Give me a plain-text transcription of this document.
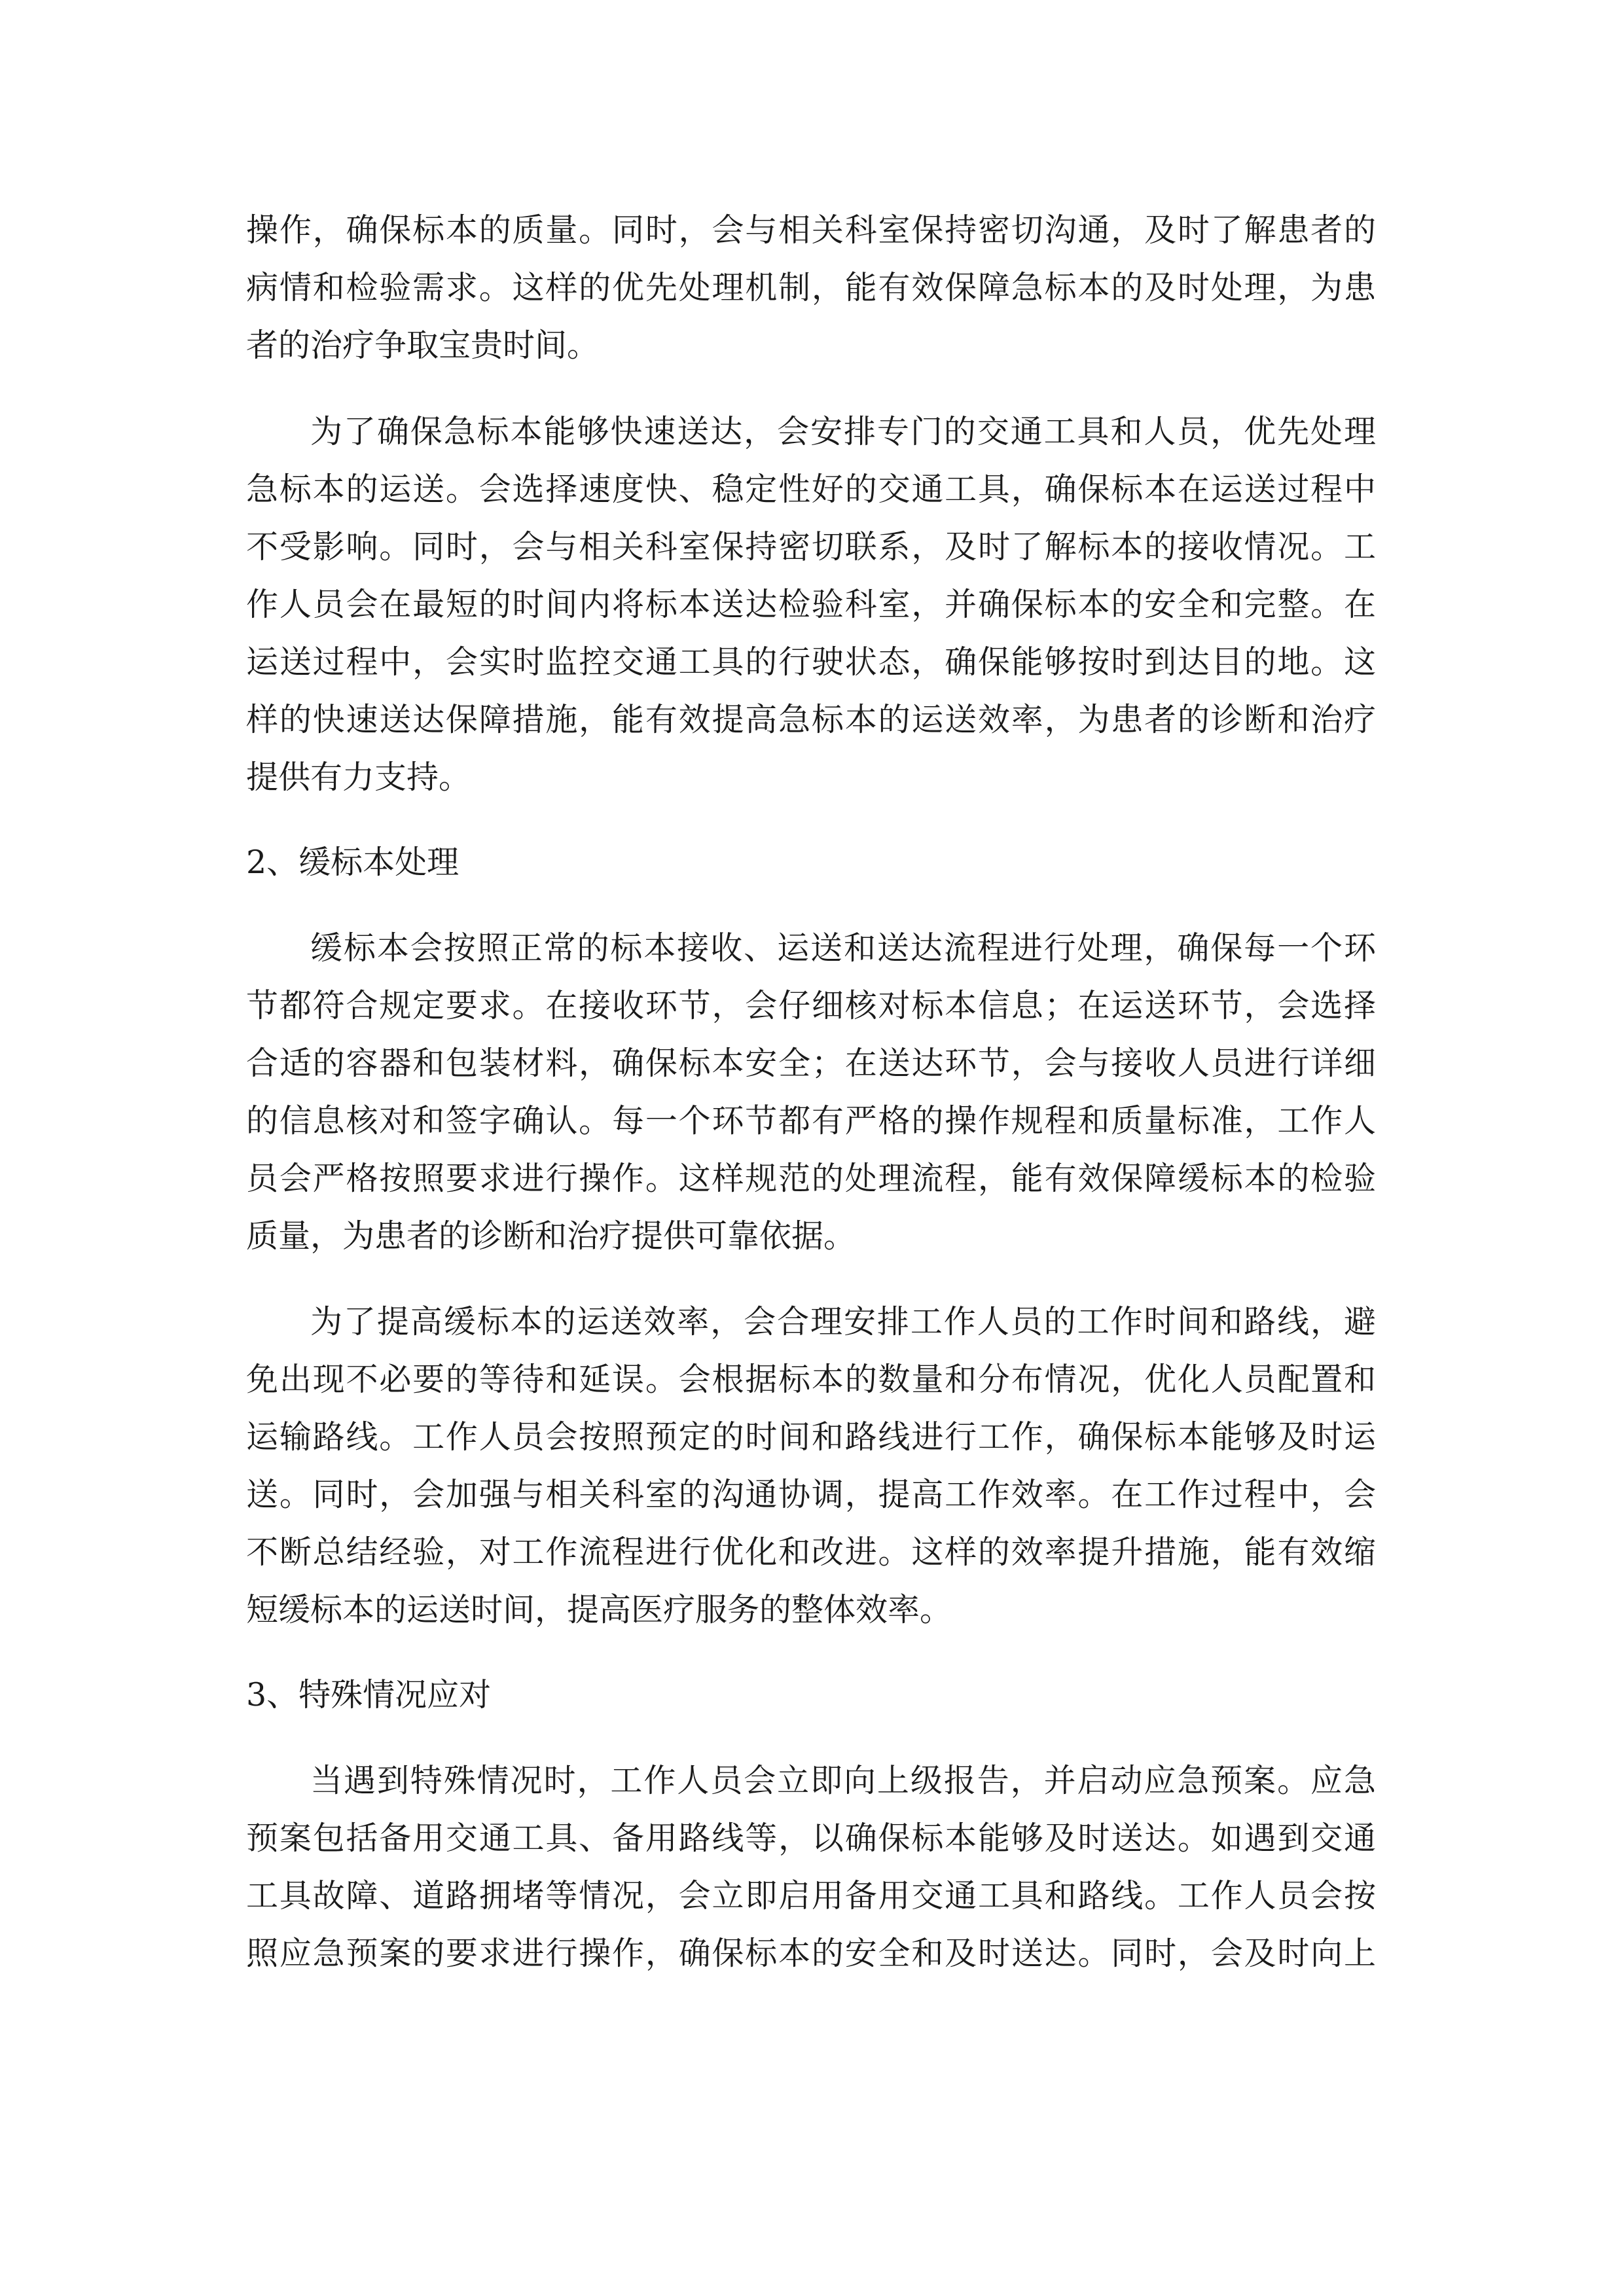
操作，确保标本的质量。同时，会与相关科室保持密切沟通，及时了解患者的
病情和检验需求。这样的优先处理机制，能有效保障急标本的及时处理，为患
者的治疗争取宝贵时间。
为了确保急标本能够快速送达，会安排专门的交通工具和人员，优先处理
急标本的运送。会选择速度快、稳定性好的交通工具，确保标本在运送过程中
不受影响。同时，会与相关科室保持密切联系，及时了解标本的接收情况。工
作人员会在最短的时间内将标本送达检验科室，并确保标本的安全和完整。在
运送过程中，会实时监控交通工具的行驶状态，确保能够按时到达目的地。这
样的快速送达保障措施，能有效提高急标本的运送效率，为患者的诊断和治疗
提供有力支持。
2、缓标本处理
缓标本会按照正常的标本接收、运送和送达流程进行处理，确保每一个环
节都符合规定要求。在接收环节，会仔细核对标本信息；在运送环节，会选择
合适的容器和包装材料，确保标本安全；在送达环节，会与接收人员进行详细
的信息核对和签字确认。每一个环节都有严格的操作规程和质量标准，工作人
员会严格按照要求进行操作。这样规范的处理流程，能有效保障缓标本的检验
质量，为患者的诊断和治疗提供可靠依据。
为了提高缓标本的运送效率，会合理安排工作人员的工作时间和路线，避
免出现不必要的等待和延误。会根据标本的数量和分布情况，优化人员配置和
运输路线。工作人员会按照预定的时间和路线进行工作，确保标本能够及时运
送。同时，会加强与相关科室的沟通协调，提高工作效率。在工作过程中，会
不断总结经验，对工作流程进行优化和改进。这样的效率提升措施，能有效缩
短缓标本的运送时间，提高医疗服务的整体效率。
3、特殊情况应对
当遇到特殊情况时，工作人员会立即向上级报告，并启动应急预案。应急
预案包括备用交通工具、备用路线等，以确保标本能够及时送达。如遇到交通
工具故障、道路拥堵等情况，会立即启用备用交通工具和路线。工作人员会按
照应急预案的要求进行操作，确保标本的安全和及时送达。同时，会及时向上
